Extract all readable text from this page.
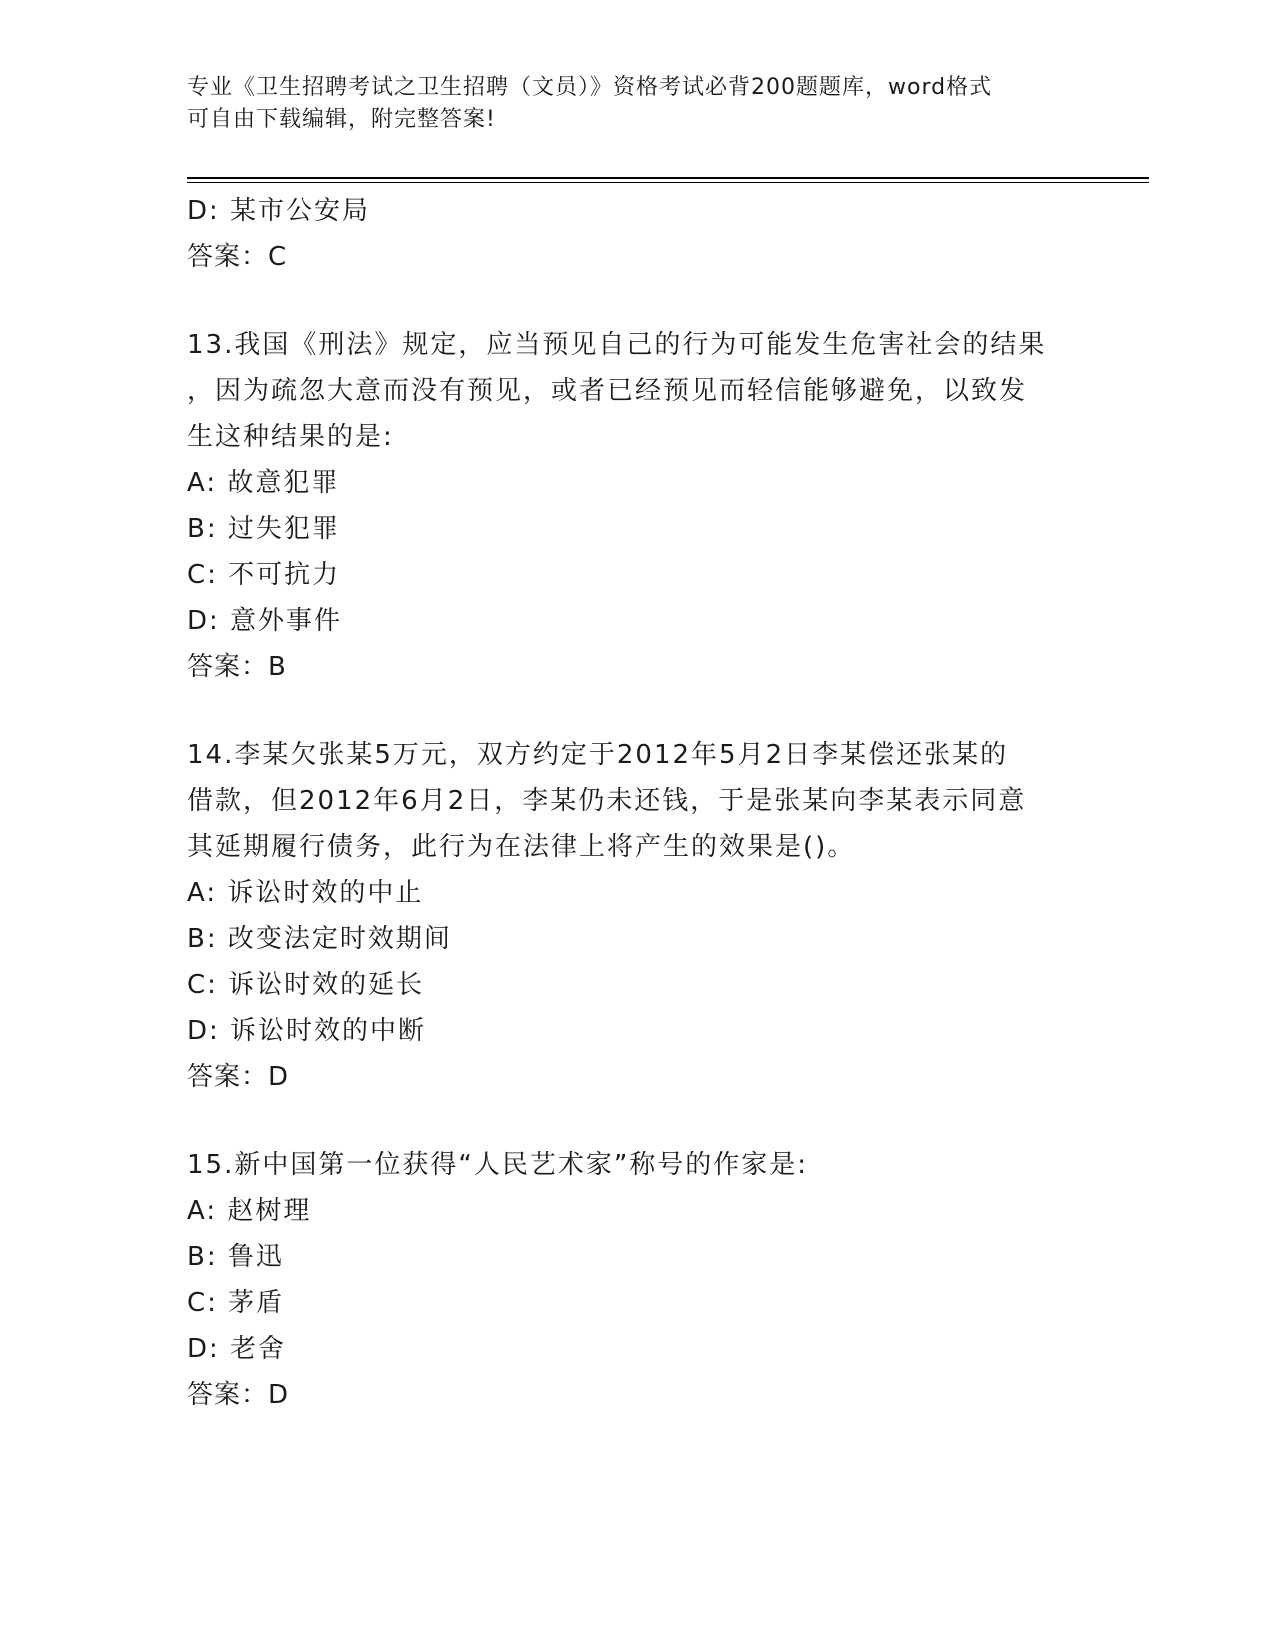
专业《卫生招聘考试之卫生招聘（文员）》资格考试必背200题题库，word格式
可自由下载编辑，附完整答案!
D: 某市公安局
答案：C
13.我国《刑法》规定，应当预见自己的行为可能发生危害社会的结果
，因为疏忽大意而没有预见，或者已经预见而轻信能够避免，以致发
生这种结果的是:
A: 故意犯罪
B: 过失犯罪
C: 不可抗力
D: 意外事件
答案：B
14.李某欠张某5万元，双方约定于2012年5月2日李某偿还张某的
借款，但2012年6月2日，李某仍未还钱，于是张某向李某表示同意
其延期履行债务，此行为在法律上将产生的效果是()。
A: 诉讼时效的中止
B: 改变法定时效期间
C: 诉讼时效的延长
D: 诉讼时效的中断
答案：D
15.新中国第一位获得“人民艺术家”称号的作家是:
A: 赵树理
B: 鲁迅
C: 茅盾
D: 老舍
答案：D
